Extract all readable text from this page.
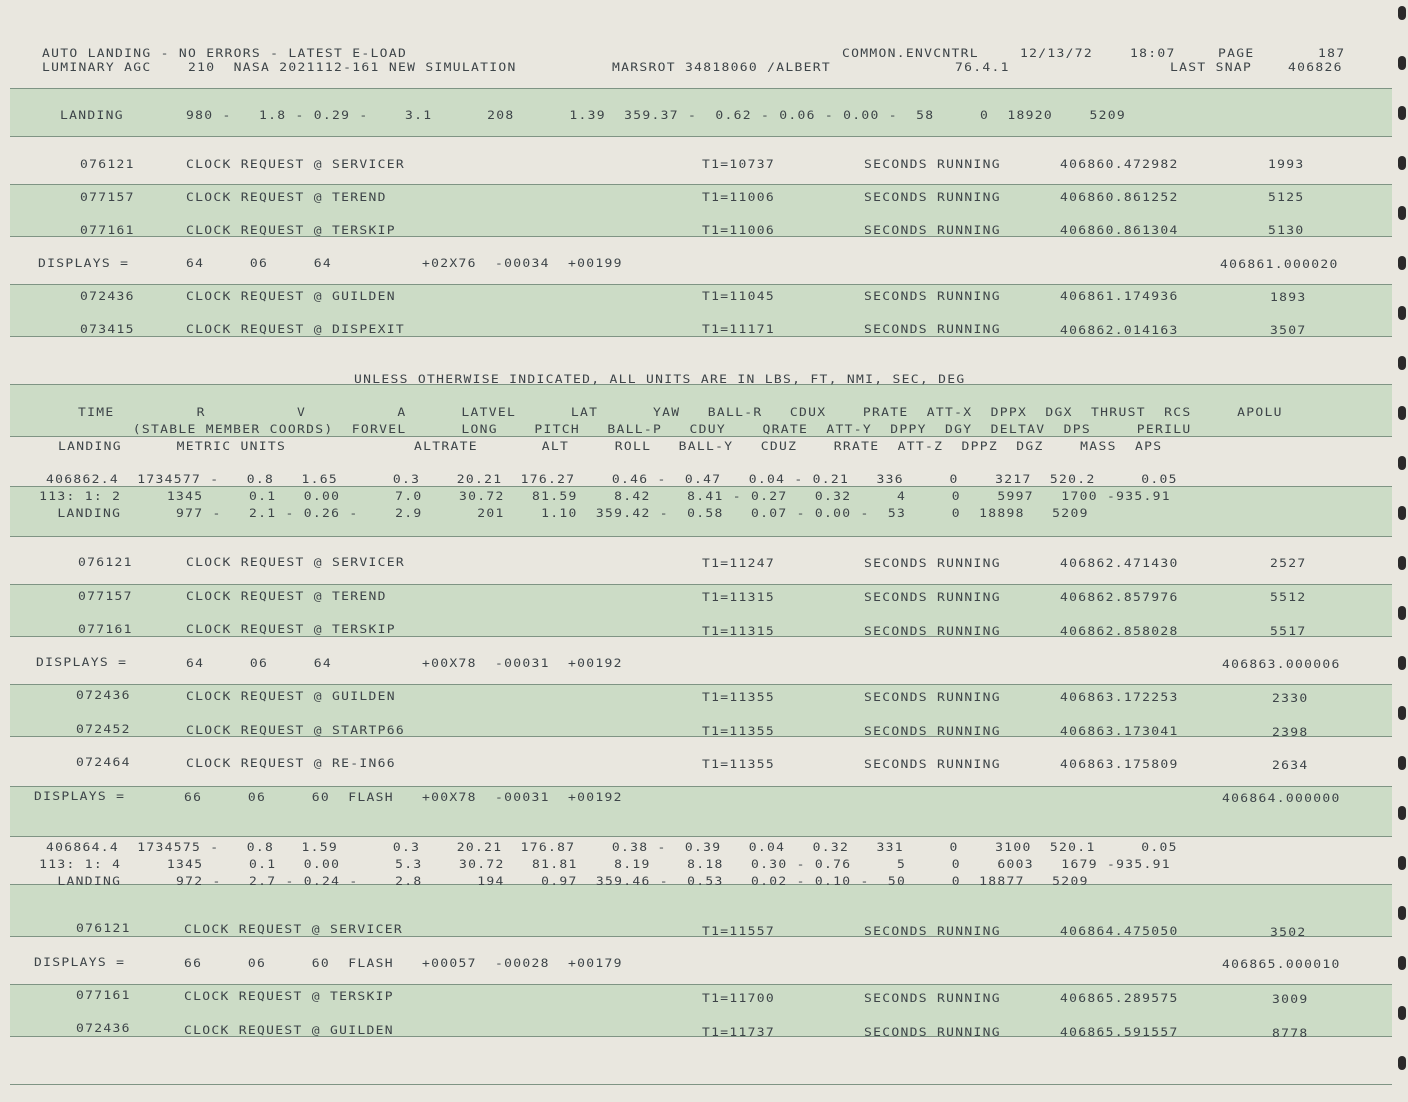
AUTO LANDING - NO ERRORS - LATEST E-LOAD	COMMON.ENVCNTRL	12/13/72	18:07	PAGE	187
LUMINARY AGC    210  NASA 2021112-161 NEW SIMULATION	MARSROT 34818060 /ALBERT	76.4.1	LAST SNAP	406826
LANDING	980 -   1.8 - 0.29 -    3.1      208      1.39  359.37 -  0.62 - 0.06 - 0.00 -  58     0  18920    5209
076121	CLOCK REQUEST @ SERVICER	T1=10737	SECONDS RUNNING	406860.472982	1993
077157	CLOCK REQUEST @ TEREND	T1=11006	SECONDS RUNNING	406860.861252	5125
077161	CLOCK REQUEST @ TERSKIP	T1=11006	SECONDS RUNNING	406860.861304	5130
DISPLAYS =	64     06     64	+02X76  -00034  +00199	406861.000020
072436	CLOCK REQUEST @ GUILDEN	T1=11045	SECONDS RUNNING	406861.174936	1893
073415	CLOCK REQUEST @ DISPEXIT	T1=11171	SECONDS RUNNING	406862.014163	3507
UNLESS OTHERWISE INDICATED, ALL UNITS ARE IN LBS, FT, NMI, SEC, DEG
TIME         R          V          A      LATVEL      LAT      YAW   BALL-R   CDUX    PRATE  ATT-X  DPPX  DGX  THRUST  RCS     APOLU
(STABLE MEMBER COORDS)  FORVEL      LONG    PITCH   BALL-P   CDUY    QRATE  ATT-Y  DPPY  DGY  DELTAV  DPS     PERILU
LANDING      METRIC UNITS              ALTRATE       ALT     ROLL   BALL-Y   CDUZ    RRATE  ATT-Z  DPPZ  DGZ    MASS  APS
406862.4  1734577 -   0.8   1.65      0.3    20.21  176.27    0.46 -  0.47   0.04 - 0.21   336     0    3217  520.2     0.05
113: 1: 2     1345     0.1   0.00      7.0    30.72   81.59    8.42    8.41 - 0.27   0.32     4     0    5997   1700 -935.91
LANDING      977 -   2.1 - 0.26 -    2.9      201    1.10  359.42 -  0.58   0.07 - 0.00 -  53     0  18898   5209
076121	CLOCK REQUEST @ SERVICER	T1=11247	SECONDS RUNNING	406862.471430	2527
077157	CLOCK REQUEST @ TEREND	T1=11315	SECONDS RUNNING	406862.857976	5512
077161	CLOCK REQUEST @ TERSKIP	T1=11315	SECONDS RUNNING	406862.858028	5517
DISPLAYS =	64     06     64	+00X78  -00031  +00192	406863.000006
072436	CLOCK REQUEST @ GUILDEN	T1=11355	SECONDS RUNNING	406863.172253	2330
072452	CLOCK REQUEST @ STARTP66	T1=11355	SECONDS RUNNING	406863.173041	2398
072464	CLOCK REQUEST @ RE-IN66	T1=11355	SECONDS RUNNING	406863.175809	2634
DISPLAYS =	66     06     60  FLASH +00X78  -00031  +00192	406864.000000
406864.4  1734575 -   0.8   1.59      0.3    20.21  176.87    0.38 -  0.39   0.04   0.32   331     0    3100  520.1     0.05
113: 1: 4     1345     0.1   0.00      5.3    30.72   81.81    8.19    8.18   0.30 - 0.76     5     0    6003   1679 -935.91
LANDING      972 -   2.7 - 0.24 -    2.8      194    0.97  359.46 -  0.53   0.02 - 0.10 -  50     0  18877   5209
076121	CLOCK REQUEST @ SERVICER	T1=11557	SECONDS RUNNING	406864.475050	3502
DISPLAYS =	66     06     60  FLASH +00057  -00028  +00179	406865.000010
077161	CLOCK REQUEST @ TERSKIP	T1=11700	SECONDS RUNNING	406865.289575	3009
072436	CLOCK REQUEST @ GUILDEN	T1=11737	SECONDS RUNNING	406865.591557	8778
